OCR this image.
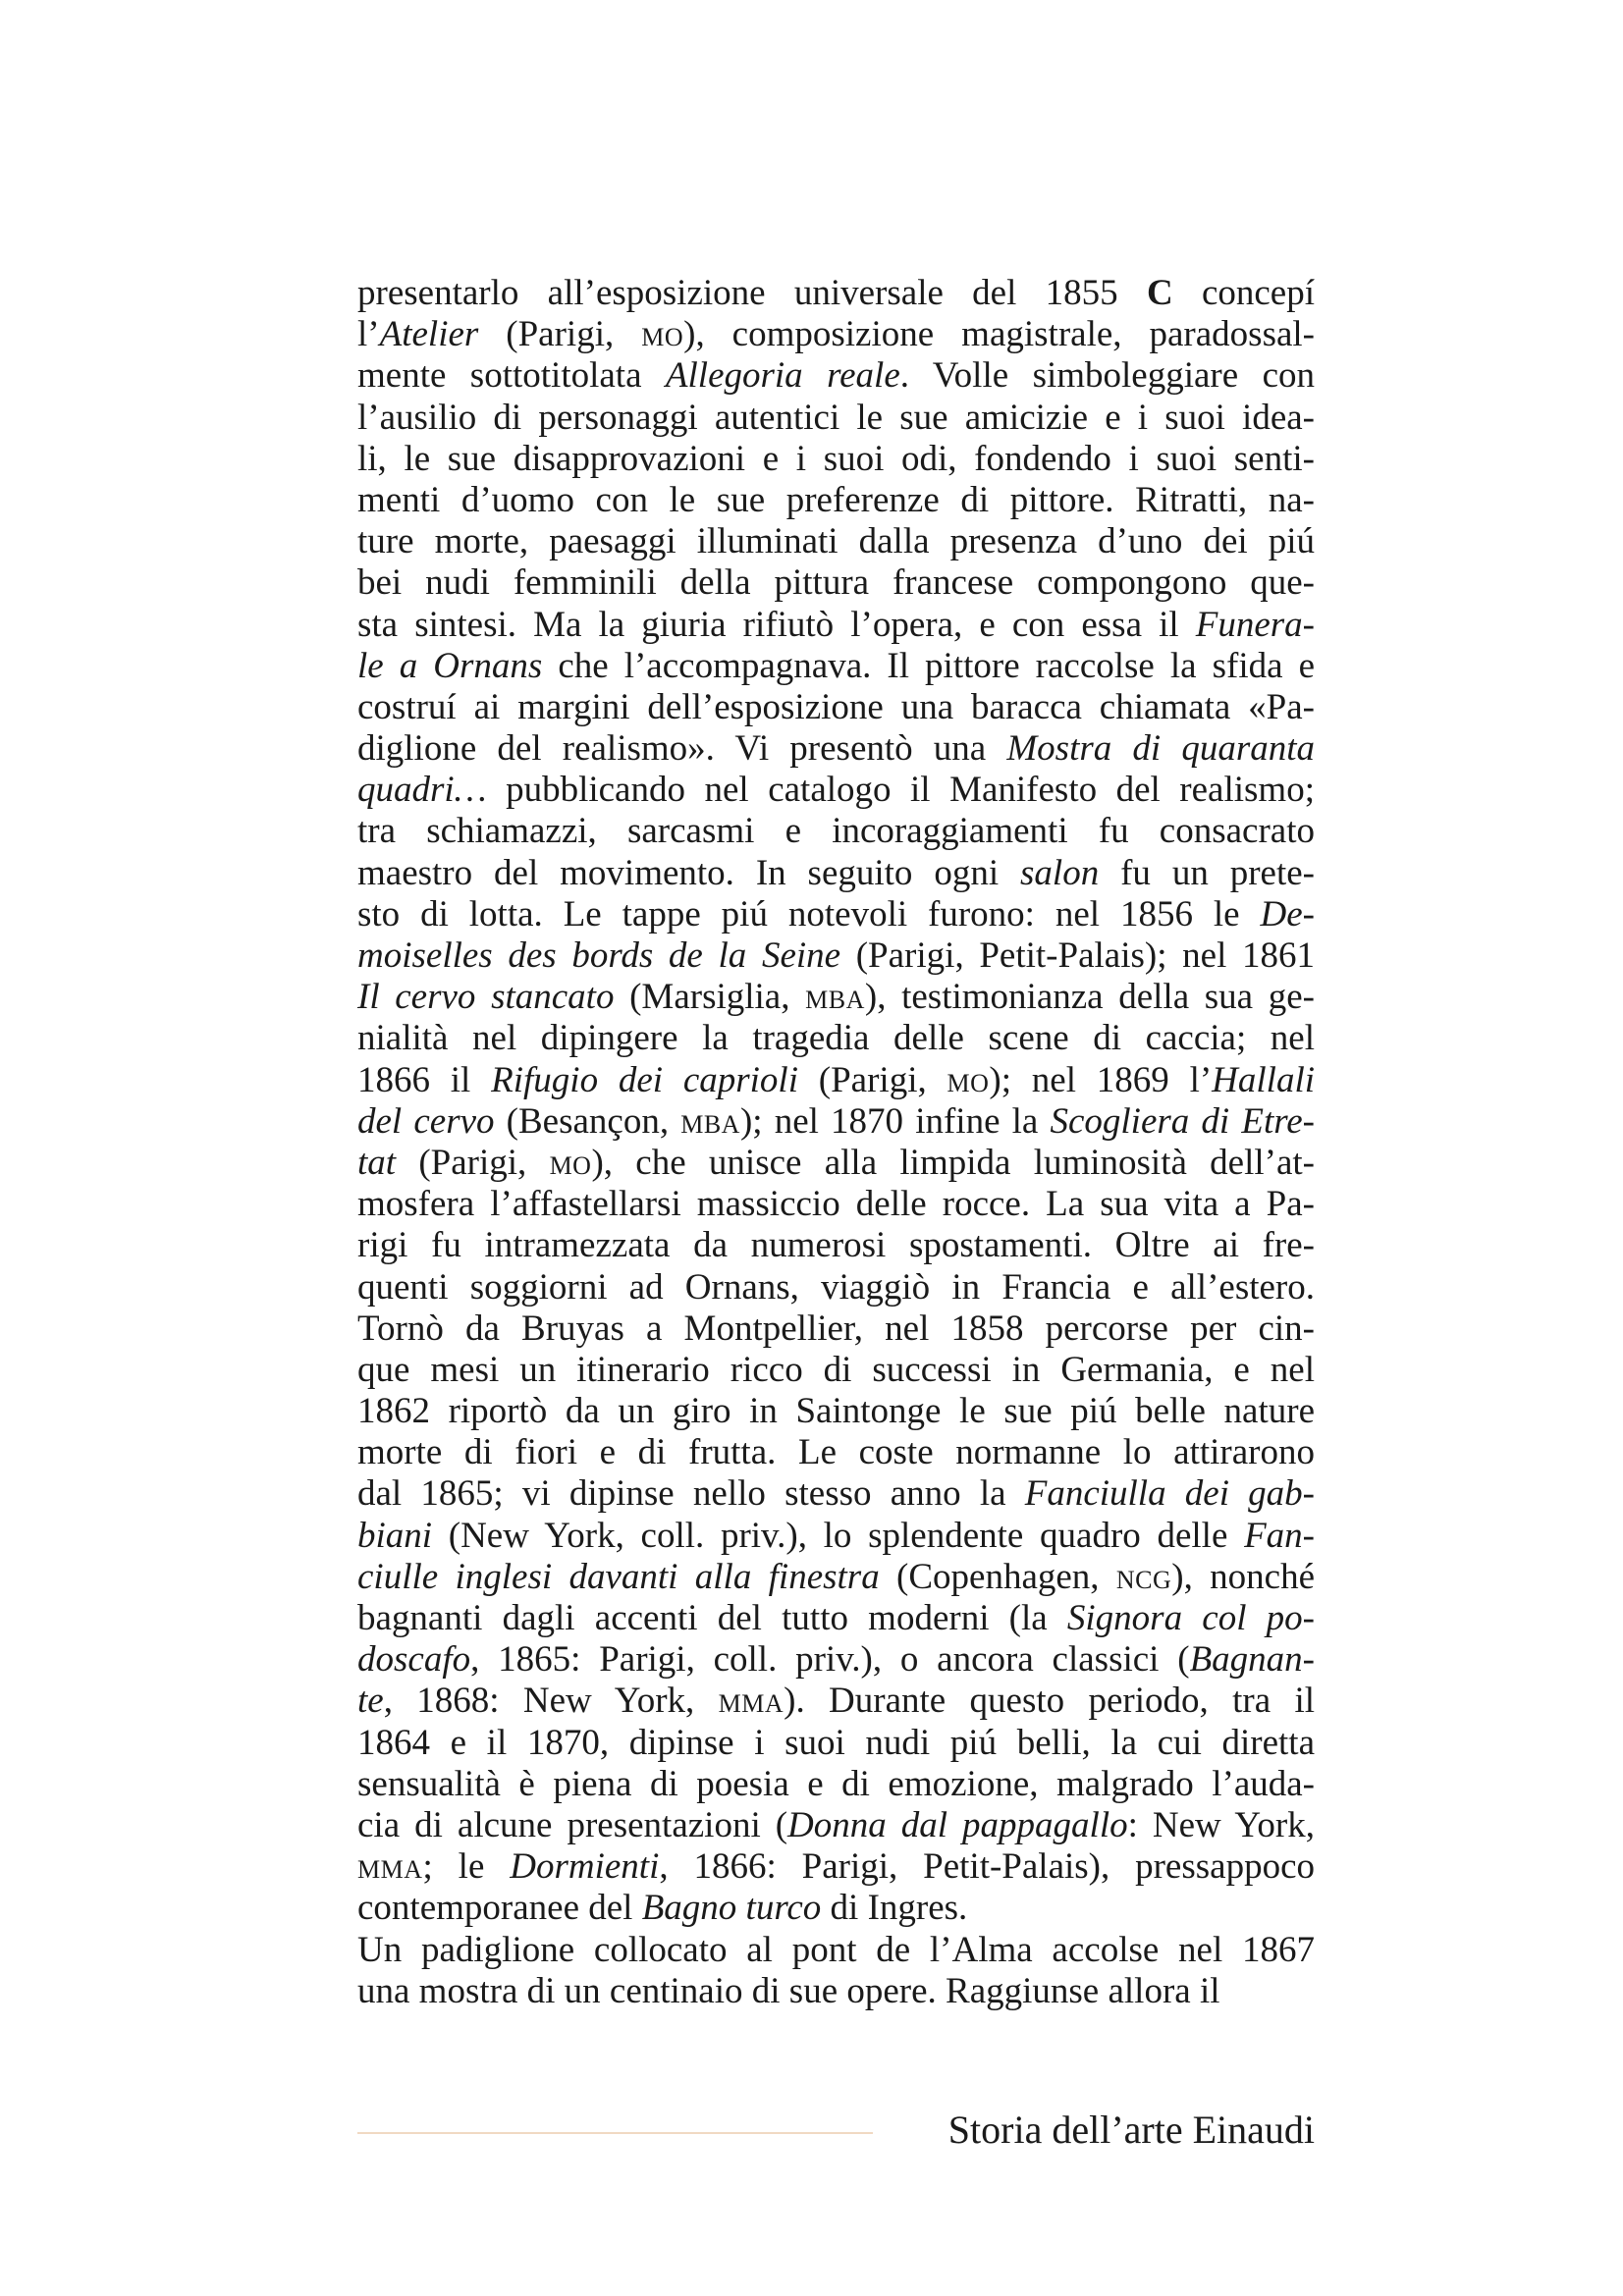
presentarlo all’esposizione universale del 1855 C concepí
l’Atelier (Parigi, mo), composizione magistrale, paradossal-
mente sottotitolata Allegoria reale. Volle simboleggiare con
l’ausilio di personaggi autentici le sue amicizie e i suoi idea-
li, le sue disapprovazioni e i suoi odi, fondendo i suoi senti-
menti d’uomo con le sue preferenze di pittore. Ritratti, na-
ture morte, paesaggi illuminati dalla presenza d’uno dei piú
bei nudi femminili della pittura francese compongono que-
sta sintesi. Ma la giuria rifiutò l’opera, e con essa il Funera-
le a Ornans che l’accompagnava. Il pittore raccolse la sfida e
costruí ai margini dell’esposizione una baracca chiamata «Pa-
diglione del realismo». Vi presentò una Mostra di quaranta
quadri… pubblicando nel catalogo il Manifesto del realismo;
tra schiamazzi, sarcasmi e incoraggiamenti fu consacrato
maestro del movimento. In seguito ogni salon fu un prete-
sto di lotta. Le tappe piú notevoli furono: nel 1856 le De-
moiselles des bords de la Seine (Parigi, Petit-Palais); nel 1861
Il cervo stancato (Marsiglia, mba), testimonianza della sua ge-
nialità nel dipingere la tragedia delle scene di caccia; nel
1866 il Rifugio dei caprioli (Parigi, mo); nel 1869 l’Hallali
del cervo (Besançon, mba); nel 1870 infine la Scogliera di Etre-
tat (Parigi, mo), che unisce alla limpida luminosità dell’at-
mosfera l’affastellarsi massiccio delle rocce. La sua vita a Pa-
rigi fu intramezzata da numerosi spostamenti. Oltre ai fre-
quenti soggiorni ad Ornans, viaggiò in Francia e all’estero.
Tornò da Bruyas a Montpellier, nel 1858 percorse per cin-
que mesi un itinerario ricco di successi in Germania, e nel
1862 riportò da un giro in Saintonge le sue piú belle nature
morte di fiori e di frutta. Le coste normanne lo attirarono
dal 1865; vi dipinse nello stesso anno la Fanciulla dei gab-
biani (New York, coll. priv.), lo splendente quadro delle Fan-
ciulle inglesi davanti alla finestra (Copenhagen, ncg), nonché
bagnanti dagli accenti del tutto moderni (la Signora col po-
doscafo, 1865: Parigi, coll. priv.), o ancora classici (Bagnan-
te, 1868: New York, mma). Durante questo periodo, tra il
1864 e il 1870, dipinse i suoi nudi piú belli, la cui diretta
sensualità è piena di poesia e di emozione, malgrado l’auda-
cia di alcune presentazioni (Donna dal pappagallo: New York,
mma; le Dormienti, 1866: Parigi, Petit-Palais), pressappoco
contemporanee del Bagno turco di Ingres.
Un padiglione collocato al pont de l’Alma accolse nel 1867
una mostra di un centinaio di sue opere. Raggiunse allora il
Storia dell’arte Einaudi
